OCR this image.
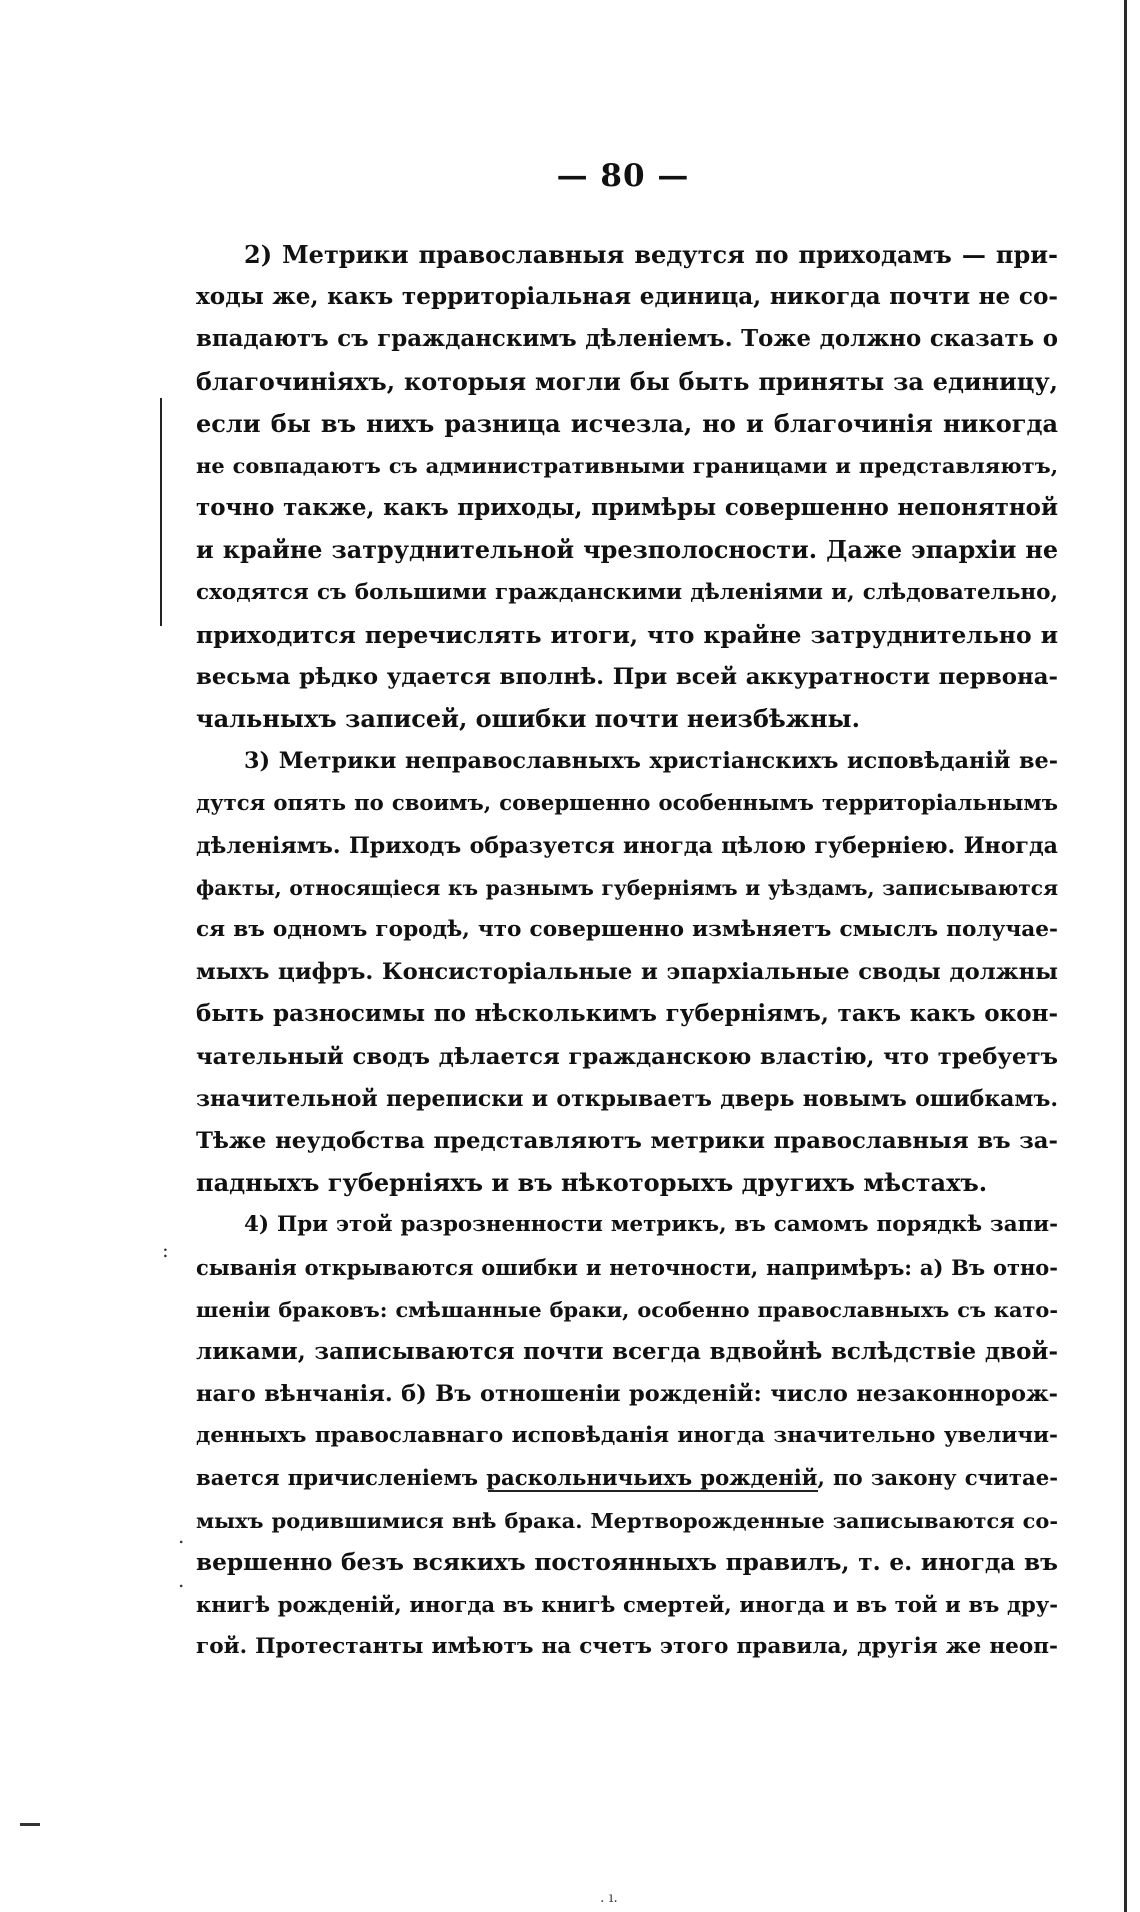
— 80 —
:
.
.
. ı.
2) Метрики православныя ведутся по приходамъ — при-
ходы же, какъ территоріальная единица, никогда почти не со-
впадаютъ съ гражданскимъ дѣленіемъ. Тоже должно сказать о
благочиніяхъ, которыя могли бы быть приняты за единицу,
если бы въ нихъ разница исчезла, но и благочинія никогда
не совпадаютъ съ административными границами и представляютъ,
точно также, какъ приходы, примѣры совершенно непонятной
и крайне затруднительной чрезполосности. Даже эпархіи не
сходятся съ большими гражданскими дѣленіями и, слѣдовательно,
приходится перечислять итоги, что крайне затруднительно и
весьма рѣдко удается вполнѣ. При всей аккуратности первона-
чальныхъ записей, ошибки почти неизбѣжны.
3) Метрики неправославныхъ христіанскихъ исповѣданій ве-
дутся опять по своимъ, совершенно особеннымъ территоріальнымъ
дѣленіямъ. Приходъ образуется иногда цѣлою губерніею. Иногда
факты, относящіеся къ разнымъ губерніямъ и уѣздамъ, записываются
ся въ одномъ городѣ, что совершенно измѣняетъ смыслъ получае-
мыхъ цифръ. Консисторіальные и эпархіальные своды должны
быть разносимы по нѣсколькимъ губерніямъ, такъ какъ окон-
чательный сводъ дѣлается гражданскою властію, что требуетъ
значительной переписки и открываетъ дверь новымъ ошибкамъ.
Тѣже неудобства представляютъ метрики православныя въ за-
падныхъ губерніяхъ и въ нѣкоторыхъ другихъ мѣстахъ.
4) При этой разрозненности метрикъ, въ самомъ порядкѣ запи-
сыванія открываются ошибки и неточности, напримѣръ: а) Въ отно-
шеніи браковъ: смѣшанные браки, особенно православныхъ съ като-
ликами, записываются почти всегда вдвойнѣ вслѣдствіе двой-
наго вѣнчанія. б) Въ отношеніи рожденій: число незаконнорож-
денныхъ православнаго исповѣданія иногда значительно увеличи-
вается причисленіемъ раскольничьихъ рожденій, по закону считае-
мыхъ родившимися внѣ брака. Мертворожденные записываются со-
вершенно безъ всякихъ постоянныхъ правилъ, т. е. иногда въ
книгѣ рожденій, иногда въ книгѣ смертей, иногда и въ той и въ дру-
гой. Протестанты имѣютъ на счетъ этого правила, другія же неоп-
